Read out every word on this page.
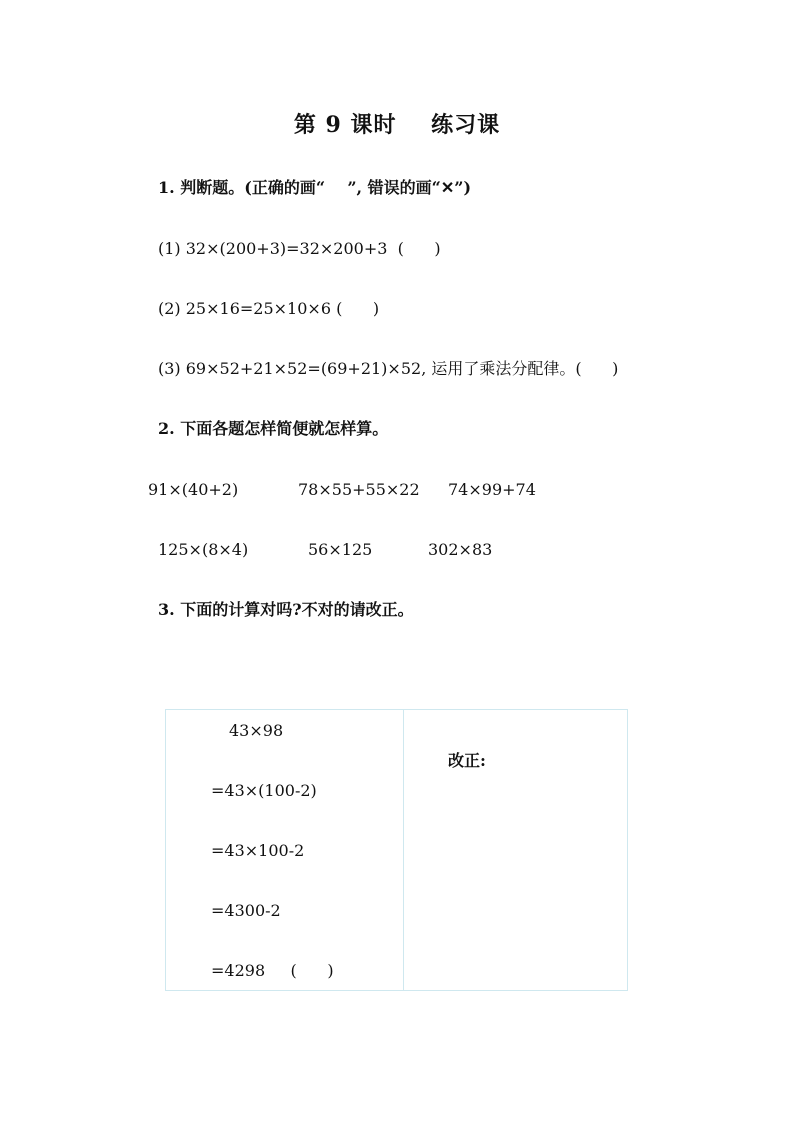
第 9 课时    练习课
1. 判断题。(正确的画“    ”, 错误的画“✕”)
(1) 32×(200+3)=32×200+3  (      )
(2) 25×16=25×10×6 (      )
(3) 69×52+21×52=(69+21)×52, 运用了乘法分配律。(      )
2. 下面各题怎样简便就怎样算。
91×(40+2)	78×55+55×22 74×99+74
125×(8×4)	56×125	302×83
3. 下面的计算对吗?不对的请改正。
43×98
=43×(100-2)
=43×100-2
=4300-2
=4298     (      )
改正:
